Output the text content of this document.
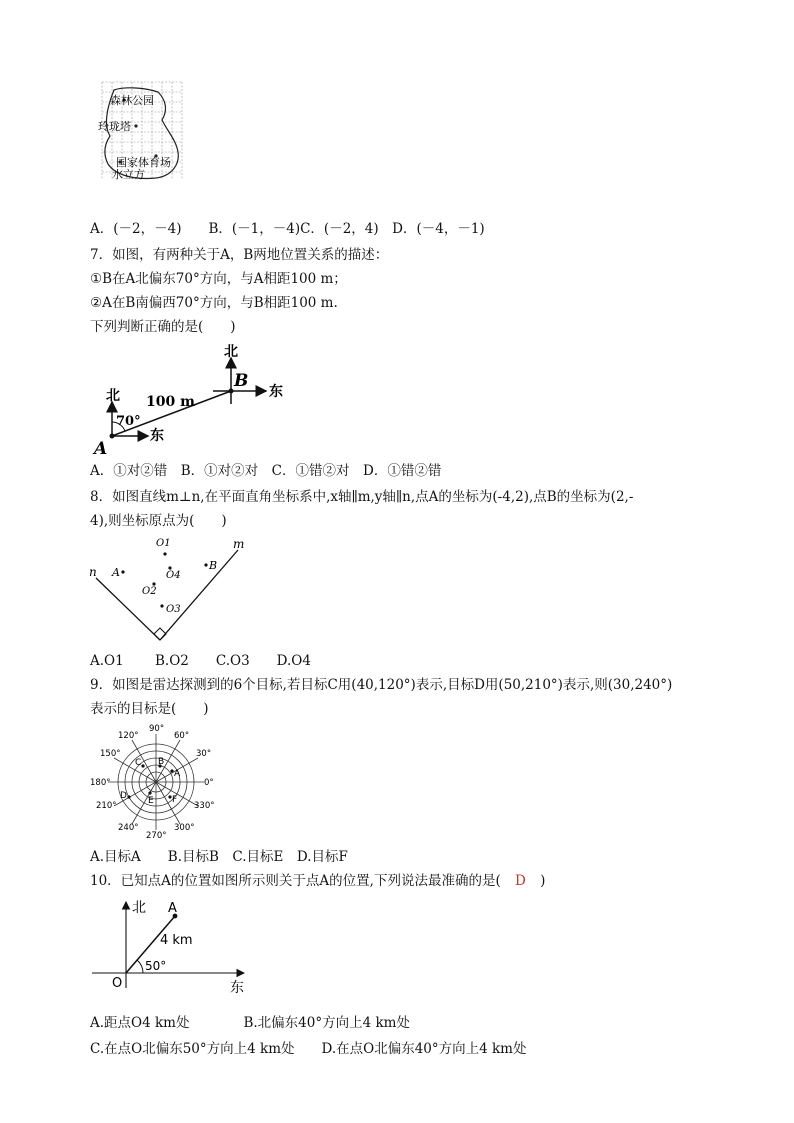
森林公园
玲珑塔
国家体育场
水立方
A．(－2，－4)　　B．(－1，－4)C．(－2，4)　D．(－4，－1)
7．如图，有两种关于A，B两地位置关系的描述：
①B在A北偏东70°方向，与A相距100 m；
②A在B南偏西70°方向，与B相距100 m.
下列判断正确的是(　　)
北
北
东
东
A
B
100 m
70°
A．①对②错　B．①对②对　C．①错②对　D．①错②错
8．如图直线m⊥n,在平面直角坐标系中,x轴∥m,y轴∥n,点A的坐标为(-4,2),点B的坐标为(2,-
4),则坐标原点为(　　)
n
m
A
B
O1
O4
O2
O3
A.O1　　 B.O2　　C.O3　　D.O4
9．如图是雷达探测到的6个目标,若目标C用(40,120°)表示,目标D用(50,210°)表示,则(30,240°)
表示的目标是(　　)
A
B
C
D E F
90°
60°
30°
0°
330°
300°
270°
240°
210°
180°
150°
120°
A.目标A　　B.目标B　C.目标E　D.目标F
10．已知点A的位置如图所示则关于点A的位置,下列说法最准确的是( D )
北
东
O
A
4 km
50°
A.距点O4 km处　　　　B.北偏东40°方向上4 km处
C.在点O北偏东50°方向上4 km处　　D.在点O北偏东40°方向上4 km处
